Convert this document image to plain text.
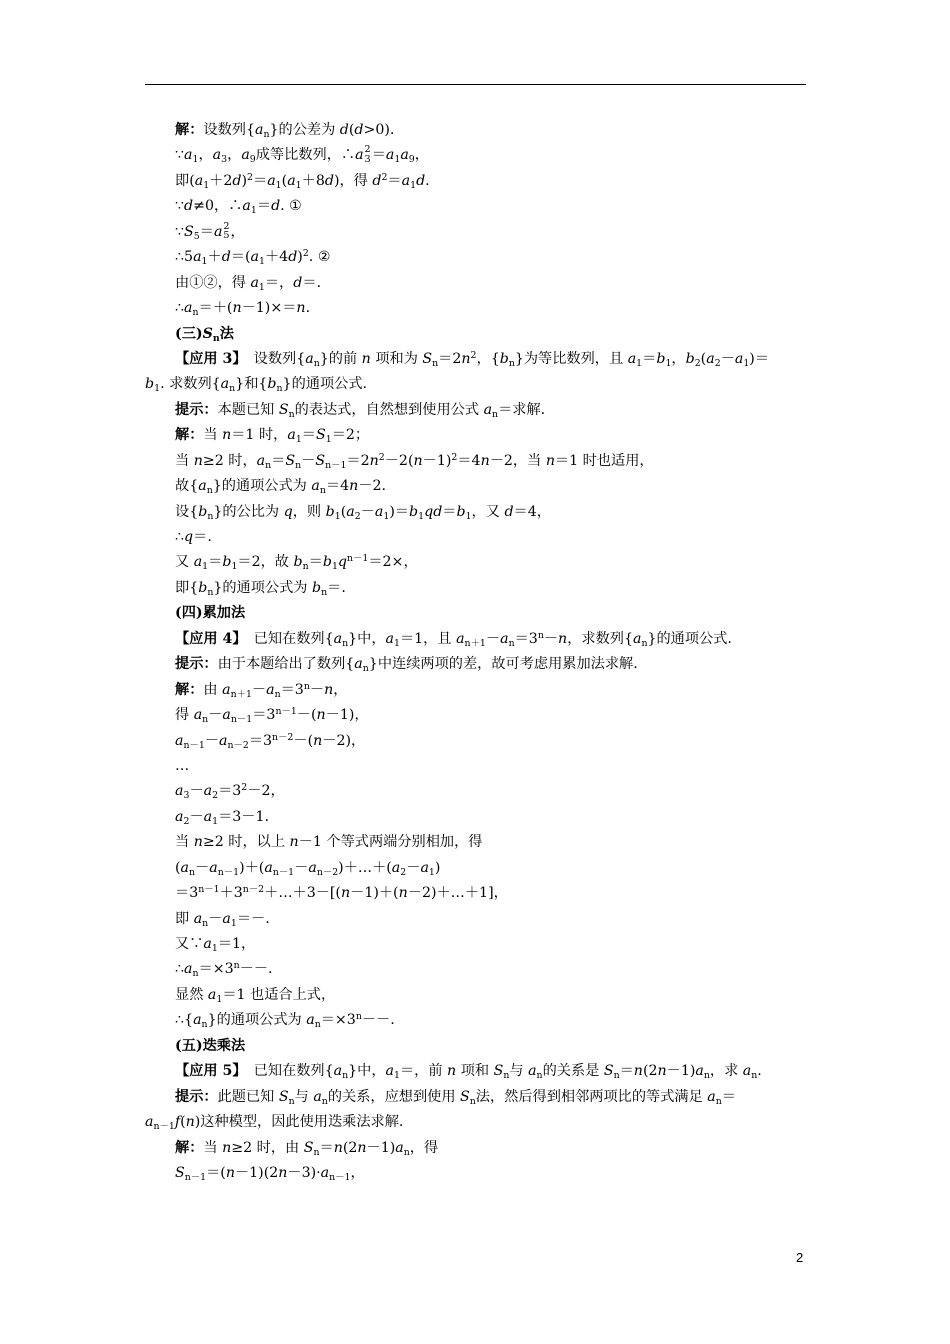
解：设数列$\{a_n\}$的公差为 d(d>0)．
$\because a_1$，$a_3$，$a_9$成等比数列，∴a 2
$3 =a_1a_9$，
即$(a_1+2d)^2=a_1(a_1+8d)$，得 $d^2=a_1d$.
∵d≠0，$\therefore a_1=d$. ①
$\because S_5=a$ 2
5 ，
$\therefore 5a_1+d=(a_1+4d)^2$. ②
由①②，得 $a_1=$，d＝.
$\therefore a_n=+(n-1)\times=n$.
(三)$S_n$法
【应用 3】　设数列$\{a_n\}$的前 n 项和为 $S_n=2n^2$，$\{b_n\}$为等比数列，且 $a_1=b_1$，$b_2(a_2-a_1)=$
$b_1$. 求数列$\{a_n\}$和$\{b_n\}$的通项公式.
提示：本题已知 $S_n$的表达式，自然想到使用公式 $a_n=$求解.
解：当 n＝1 时，$a_1=S_1=2$；
当 n≥2 时，$a_n=S_n-S_{n-1}=2n^2-2(n-1)^2=4n-2$，当 n＝1 时也适用，
故$\{a_n\}$的通项公式为 $a_n=4n-2$.
设$\{b_n\}$的公比为 q，则 $b_1(a_2-a_1)=b_1qd=b_1$，又 d＝4，
∴q＝.
又 $a_1=b_1=2$，故 $b_n=b_1q^{n-1}=2\times$，
即$\{b_n\}$的通项公式为 $b_n=$.
(四)累加法
【应用 4】　已知在数列$\{a_n\}$中，$a_1=1$，且 $a_{n+1}-a_n=3^n-n$，求数列$\{a_n\}$的通项公式.
提示：由于本题给出了数列$\{a_n\}$中连续两项的差，故可考虑用累加法求解.
解：由 $a_{n+1}-a_n=3^n-n$，
得 $a_n-a_{n-1}=3^{n-1}-(n-1)$，
$a_{n-1}-a_{n-2}=3^{n-2}-(n-2)$，
…
$a_3-a_2=3^2-2$，
$a_2-a_1=3-1$.
当 n≥2 时，以上 n－1 个等式两端分别相加，得
$(a_n-a_{n-1})+(a_{n-1}-a_{n-2})+\dots+(a_2-a_1)$
$=3^{n-1}+3^{n-2}+\dots+3-[(n-1)+(n-2)+\dots+1]$，
即 $a_n-a_1=-$.
又$\because a_1=1$，
$\therefore a_n=\times 3^n--$.
显然 $a_1=1$ 也适合上式，
$\therefore\{a_n\}$的通项公式为 $a_n=\times 3^n--$.
(五)迭乘法
【应用 5】　已知在数列$\{a_n\}$中，$a_1=$，前 n 项和 $S_n$与 $a_n$的关系是 $S_n=n(2n-1)a_n$，求 $a_n$.
提示：此题已知 $S_n$与 $a_n$的关系，应想到使用 $S_n$法，然后得到相邻两项比的等式满足 $a_n=$
$a_{n-1}f(n)$这种模型，因此使用迭乘法求解.
解：当 n≥2 时，由 $S_n=n(2n-1)a_n$，得
$S_{n-1}=(n-1)(2n-3)\cdot a_{n-1}$，
2
